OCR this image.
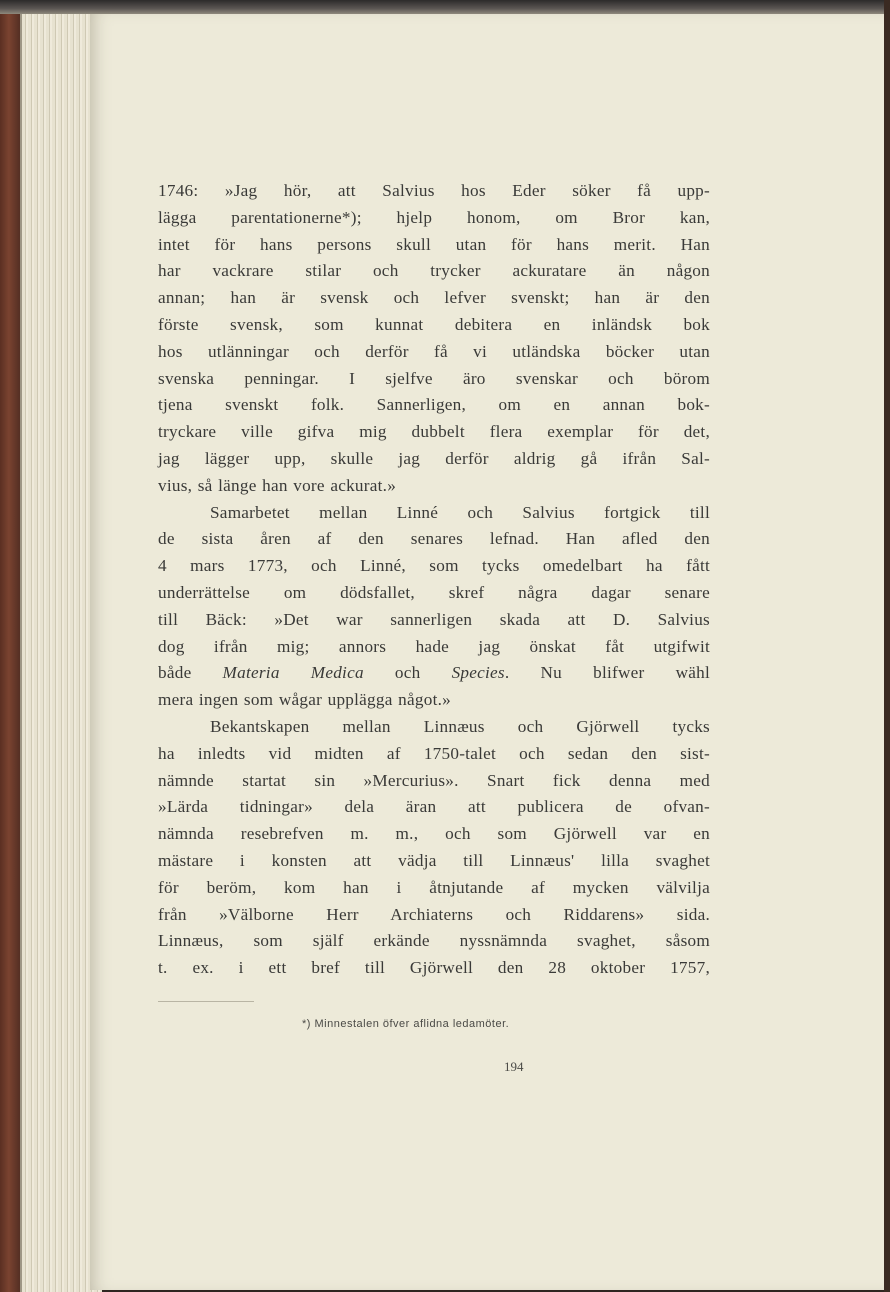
1746: »Jag hör, att Salvius hos Eder söker få upp-
lägga parentationerne*); hjelp honom, om Bror kan,
intet för hans persons skull utan för hans merit. Han
har vackrare stilar och trycker ackuratare än någon
annan; han är svensk och lefver svenskt; han är den
förste svensk, som kunnat debitera en inländsk bok
hos utlänningar och derför få vi utländska böcker utan
svenska penningar. I sjelfve äro svenskar och börom
tjena svenskt folk. Sannerligen, om en annan bok-
tryckare ville gifva mig dubbelt flera exemplar för det,
jag lägger upp, skulle jag derför aldrig gå ifrån Sal-
vius, så länge han vore ackurat.»
Samarbetet mellan Linné och Salvius fortgick till
de sista åren af den senares lefnad. Han afled den
4 mars 1773, och Linné, som tycks omedelbart ha fått
underrättelse om dödsfallet, skref några dagar senare
till Bäck: »Det war sannerligen skada att D. Salvius
dog ifrån mig; annors hade jag önskat fåt utgifwit
både Materia Medica och Species. Nu blifwer wähl
mera ingen som wågar upplägga något.»
Bekantskapen mellan Linnæus och Gjörwell tycks
ha inledts vid midten af 1750-talet och sedan den sist-
nämnde startat sin »Mercurius». Snart fick denna med
»Lärda tidningar» dela äran att publicera de ofvan-
nämnda resebrefven m. m., och som Gjörwell var en
mästare i konsten att vädja till Linnæus' lilla svaghet
för beröm, kom han i åtnjutande af mycken välvilja
från »Välborne Herr Archiaterns och Riddarens» sida.
Linnæus, som själf erkände nyssnämnda svaghet, såsom
t. ex. i ett bref till Gjörwell den 28 oktober 1757,
*) Minnestalen öfver aflidna ledamöter.
194
